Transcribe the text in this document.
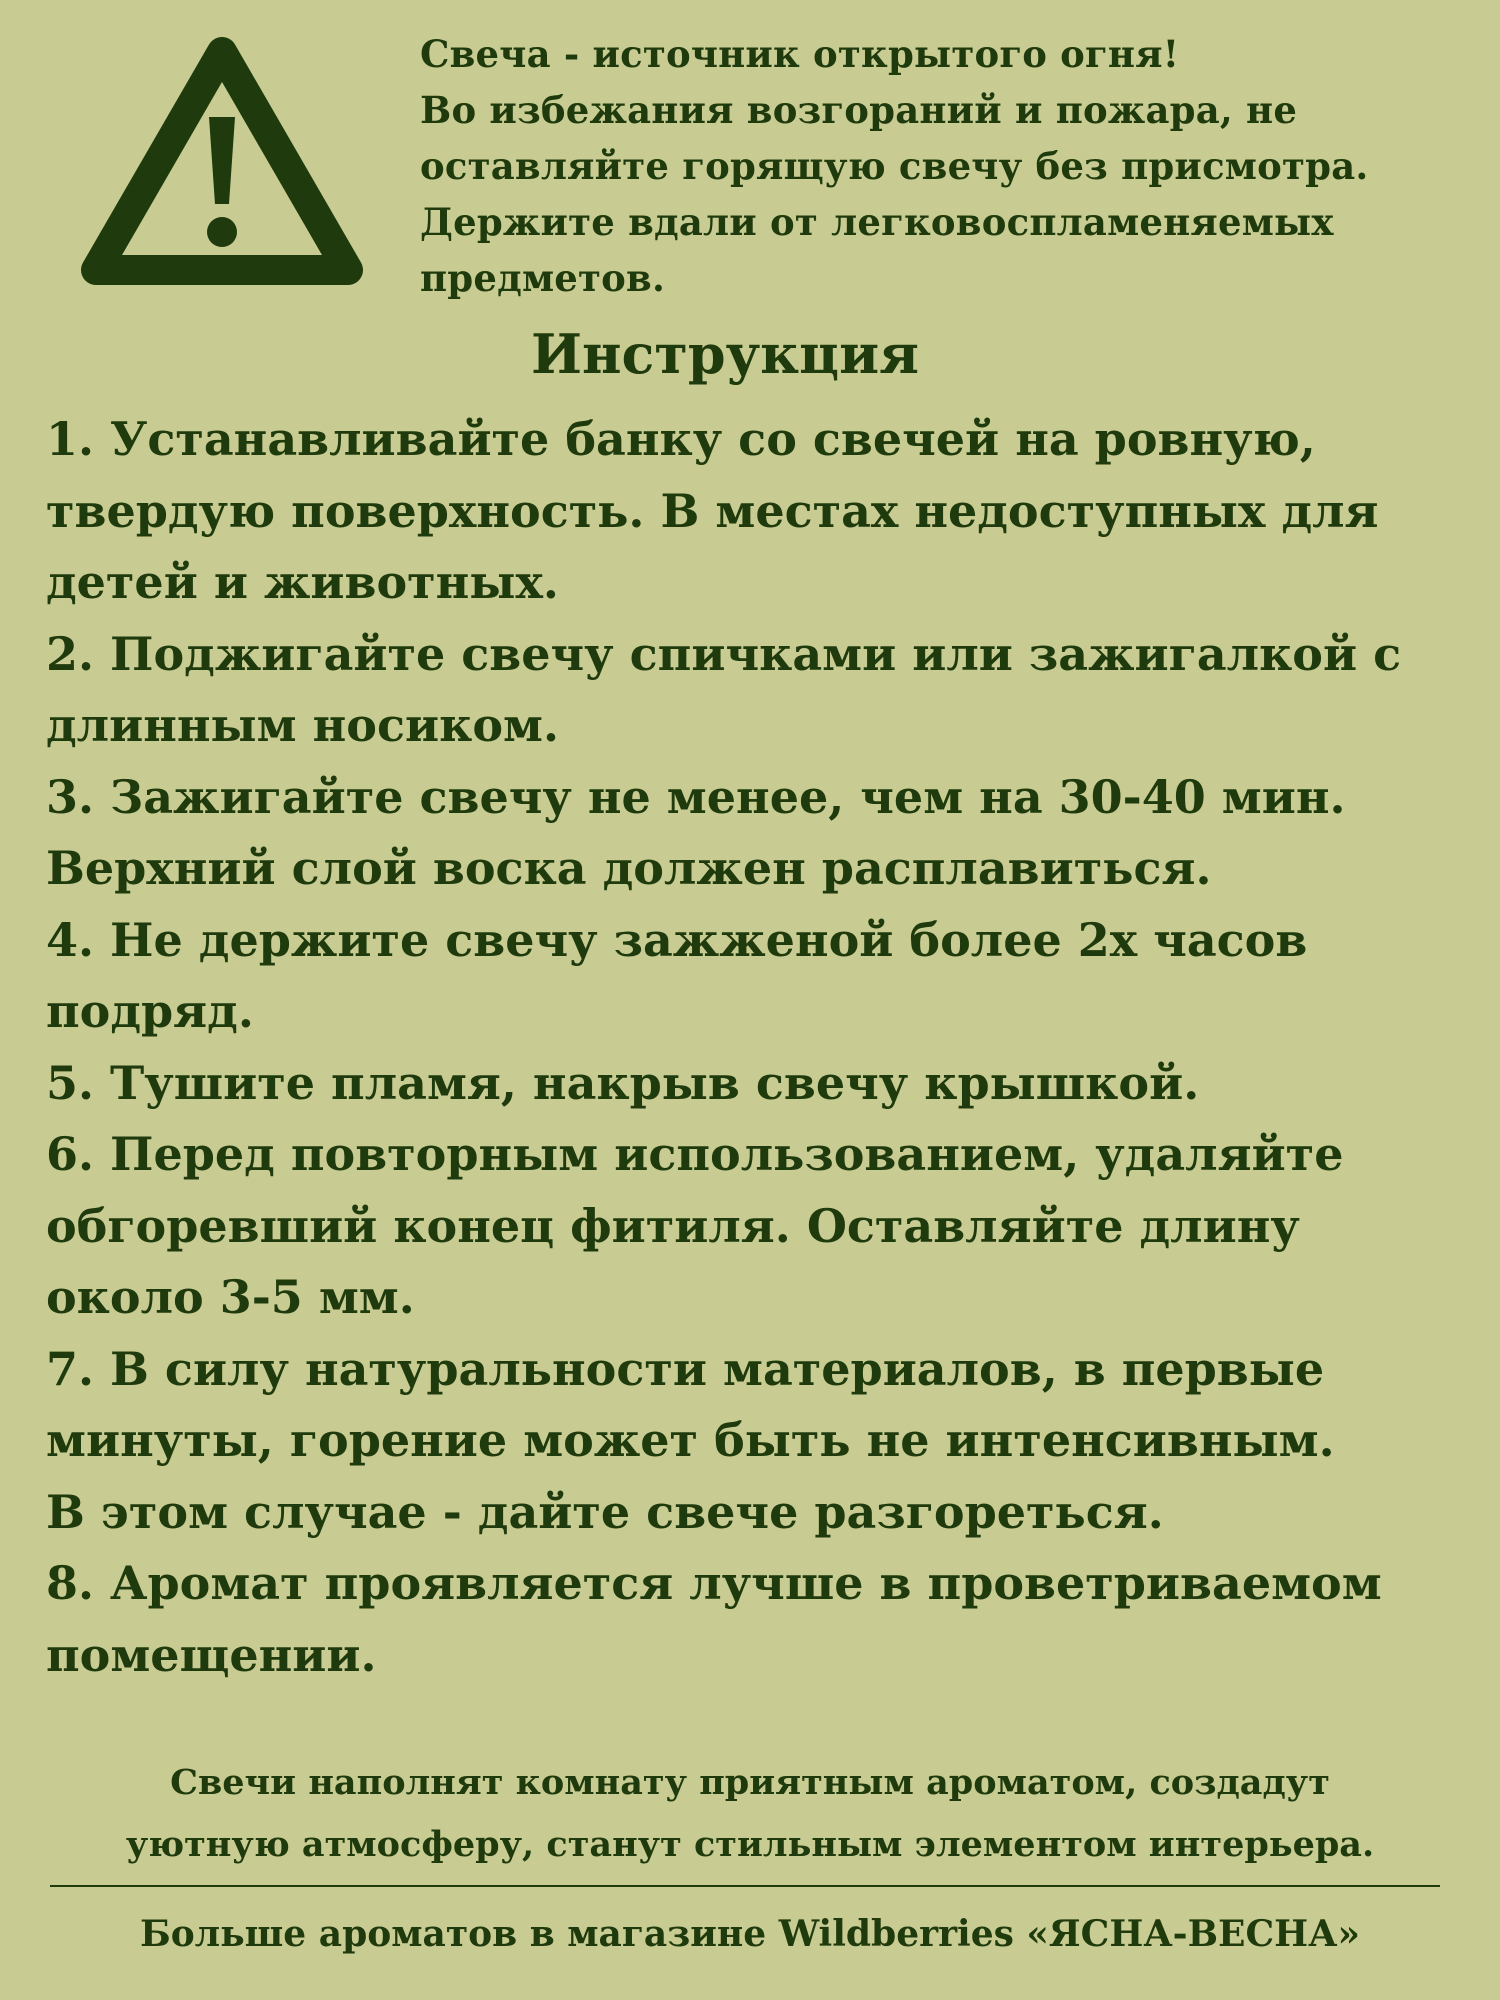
Свеча - источник открытого огня!
Во избежания возгораний и пожара, не
оставляйте горящую свечу без присмотра.
Держите вдали от легковоспламеняемых
предметов.
Инструкция
1. Устанавливайте банку со свечей на ровную,
твердую поверхность. В местах недоступных для
детей и животных.
2. Поджигайте свечу спичками или зажигалкой с
длинным носиком.
3. Зажигайте свечу не менее, чем на 30-40 мин.
Верхний слой воска должен расплавиться.
4. Не держите свечу зажженой более 2х часов
подряд.
5. Тушите пламя, накрыв свечу крышкой.
6. Перед повторным использованием, удаляйте
обгоревший конец фитиля. Оставляйте длину
около 3-5 мм.
7. В силу натуральности материалов, в первые
минуты, горение может быть не интенсивным.
В этом случае - дайте свече разгореться.
8. Аромат проявляется лучше в проветриваемом
помещении.
Свечи наполнят комнату приятным ароматом, создадут
уютную атмосферу, станут стильным элементом интерьера.
Больше ароматов в магазине Wildberries «ЯСНА-ВЕСНА»
